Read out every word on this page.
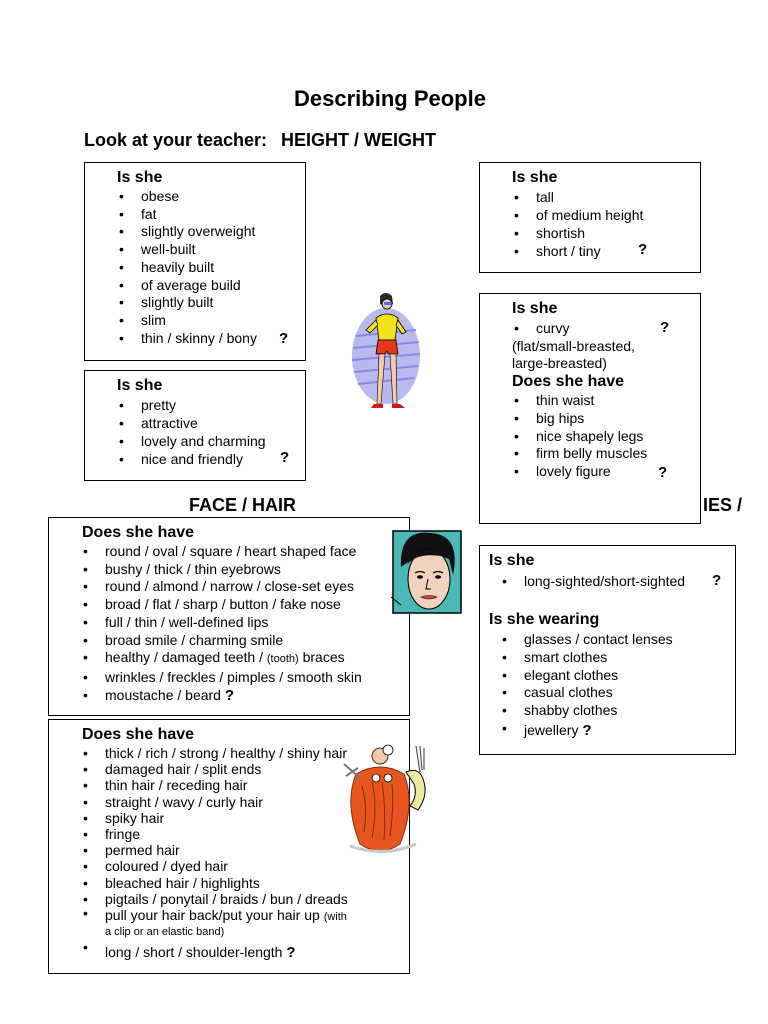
Describing People
Look at your teacher: HEIGHT / WEIGHT
Is she
• obese
• fat
• slightly overweight
• well-built
• heavily built
• of average build
• slightly built
• slim
• thin / skinny / bony ?
Is she
• pretty
• attractive
• lovely and charming
• nice and friendly	?
Is she
• tall
• of medium height
• shortish
• short / tiny	?
Is she
• curvy	?
(flat/small-breasted,
large-breasted)
Does she have
• thin waist
• big hips
• nice shapely legs
• firm belly muscles
• lovely figure	?
FACE / HAIR	IES /
Does she have
• round / oval / square / heart shaped face
• bushy / thick / thin eyebrows
• round / almond / narrow / close-set eyes
• broad / flat / sharp / button / fake nose
• full / thin / well-defined lips
• broad smile / charming smile
• healthy / damaged teeth / (tooth) braces
• wrinkles / freckles / pimples / smooth skin
• moustache / beard ?
Does she have
• thick / rich / strong / healthy / shiny hair
• damaged hair / split ends
• thin hair / receding hair
• straight / wavy / curly hair
• spiky hair
• fringe
• permed hair
• coloured / dyed hair
• bleached hair / highlights
• pigtails / ponytail / braids / bun / dreads
• pull your hair back/put your hair up (with
a clip or an elastic band)
• long / short / shoulder-length ?
Is she
• long-sighted/short-sighted ?
Is she wearing
• glasses / contact lenses
• smart clothes
• elegant clothes
• casual clothes
• shabby clothes
• jewellery ?
